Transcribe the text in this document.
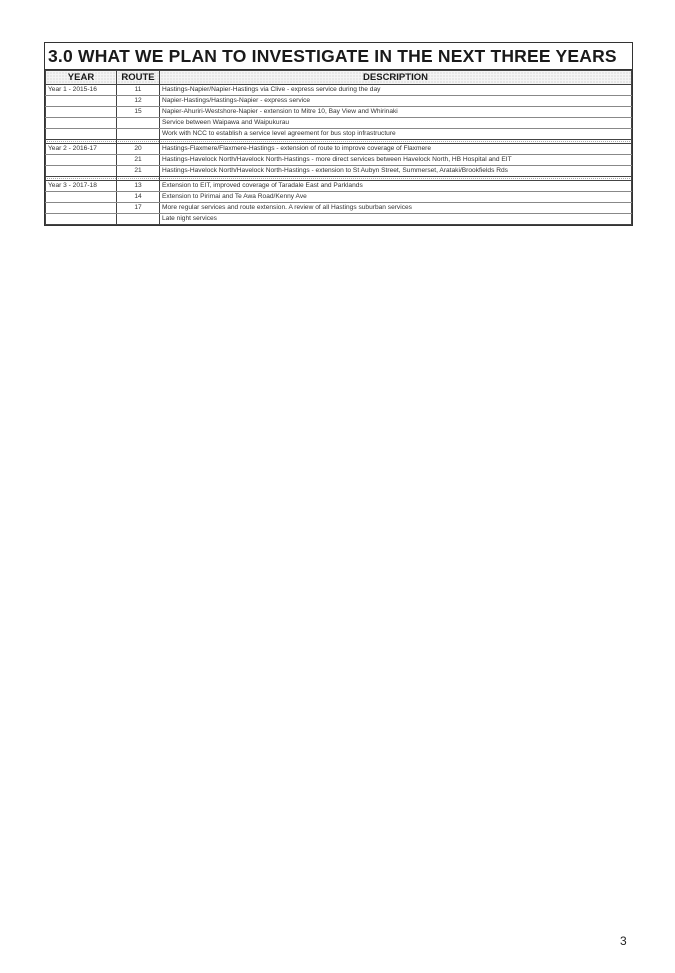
3.0 WHAT WE PLAN TO INVESTIGATE IN THE NEXT THREE YEARS
YEAR	ROUTE	DESCRIPTION
Year 1 - 2015-16	11	Hastings-Napier/Napier-Hastings via Clive - express service during the day
	12	Napier-Hastings/Hastings-Napier - express service
	15	Napier-Ahuriri-Westshore-Napier - extension to Mitre 10, Bay View and Whirinaki
		Service between Waipawa and Waipukurau
		Work with NCC to establish a service level agreement for bus stop infrastructure

Year 2 - 2016-17	20	Hastings-Flaxmere/Flaxmere-Hastings - extension of route to improve coverage of Flaxmere
	21	Hastings-Havelock North/Havelock North-Hastings - more direct services between Havelock North, HB Hospital and EIT
	21	Hastings-Havelock North/Havelock North-Hastings - extension to St Aubyn Street, Summerset, Arataki/Brookfields Rds

Year 3 - 2017-18	13	Extension to EIT, improved coverage of Taradale East and Parklands
	14	Extension to Pirimai and Te Awa Road/Kenny Ave
	17	More regular services and route extension. A review of all Hastings suburban services
		Late night services
3
